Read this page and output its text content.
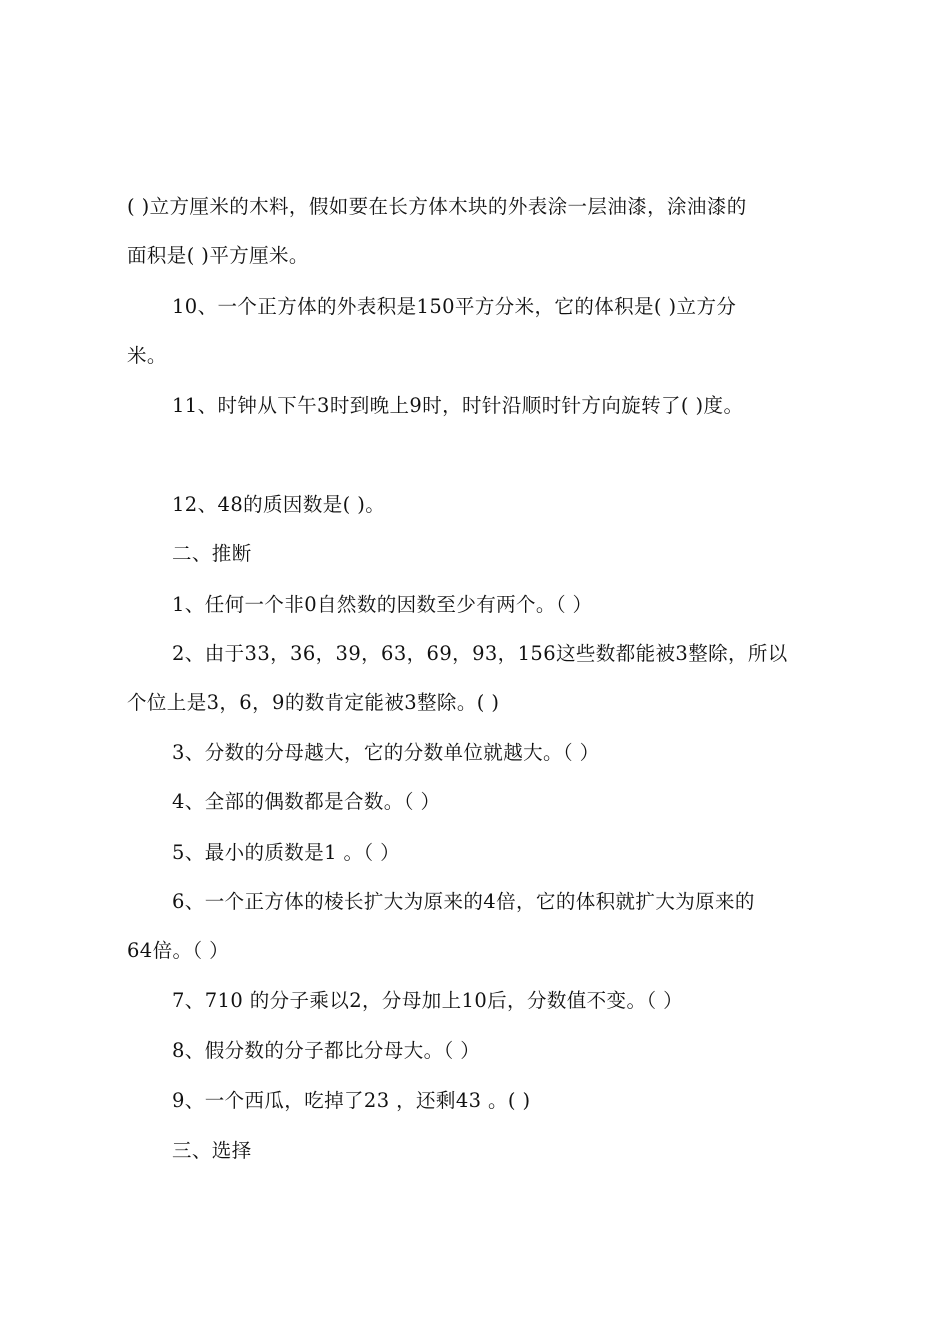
( )立方厘米的木料，假如要在长方体木块的外表涂一层油漆，涂油漆的
面积是( )平方厘米。
10、一个正方体的外表积是150平方分米，它的体积是( )立方分
米。
11、时钟从下午3时到晚上9时，时针沿顺时针方向旋转了( )度。
12、48的质因数是( )。
二、推断
1、任何一个非0自然数的因数至少有两个。（ ）
2、由于33，36，39，63，69，93，156这些数都能被3整除，所以
个位上是3，6，9的数肯定能被3整除。( )
3、分数的分母越大，它的分数单位就越大。（ ）
4、全部的偶数都是合数。（ ）
5、最小的质数是1 。（ ）
6、一个正方体的棱长扩大为原来的4倍，它的体积就扩大为原来的
64倍。（ ）
7、710 的分子乘以2，分母加上10后，分数值不变。（ ）
8、假分数的分子都比分母大。（ ）
9、一个西瓜，吃掉了23 ，还剩43 。( )
三、选择
